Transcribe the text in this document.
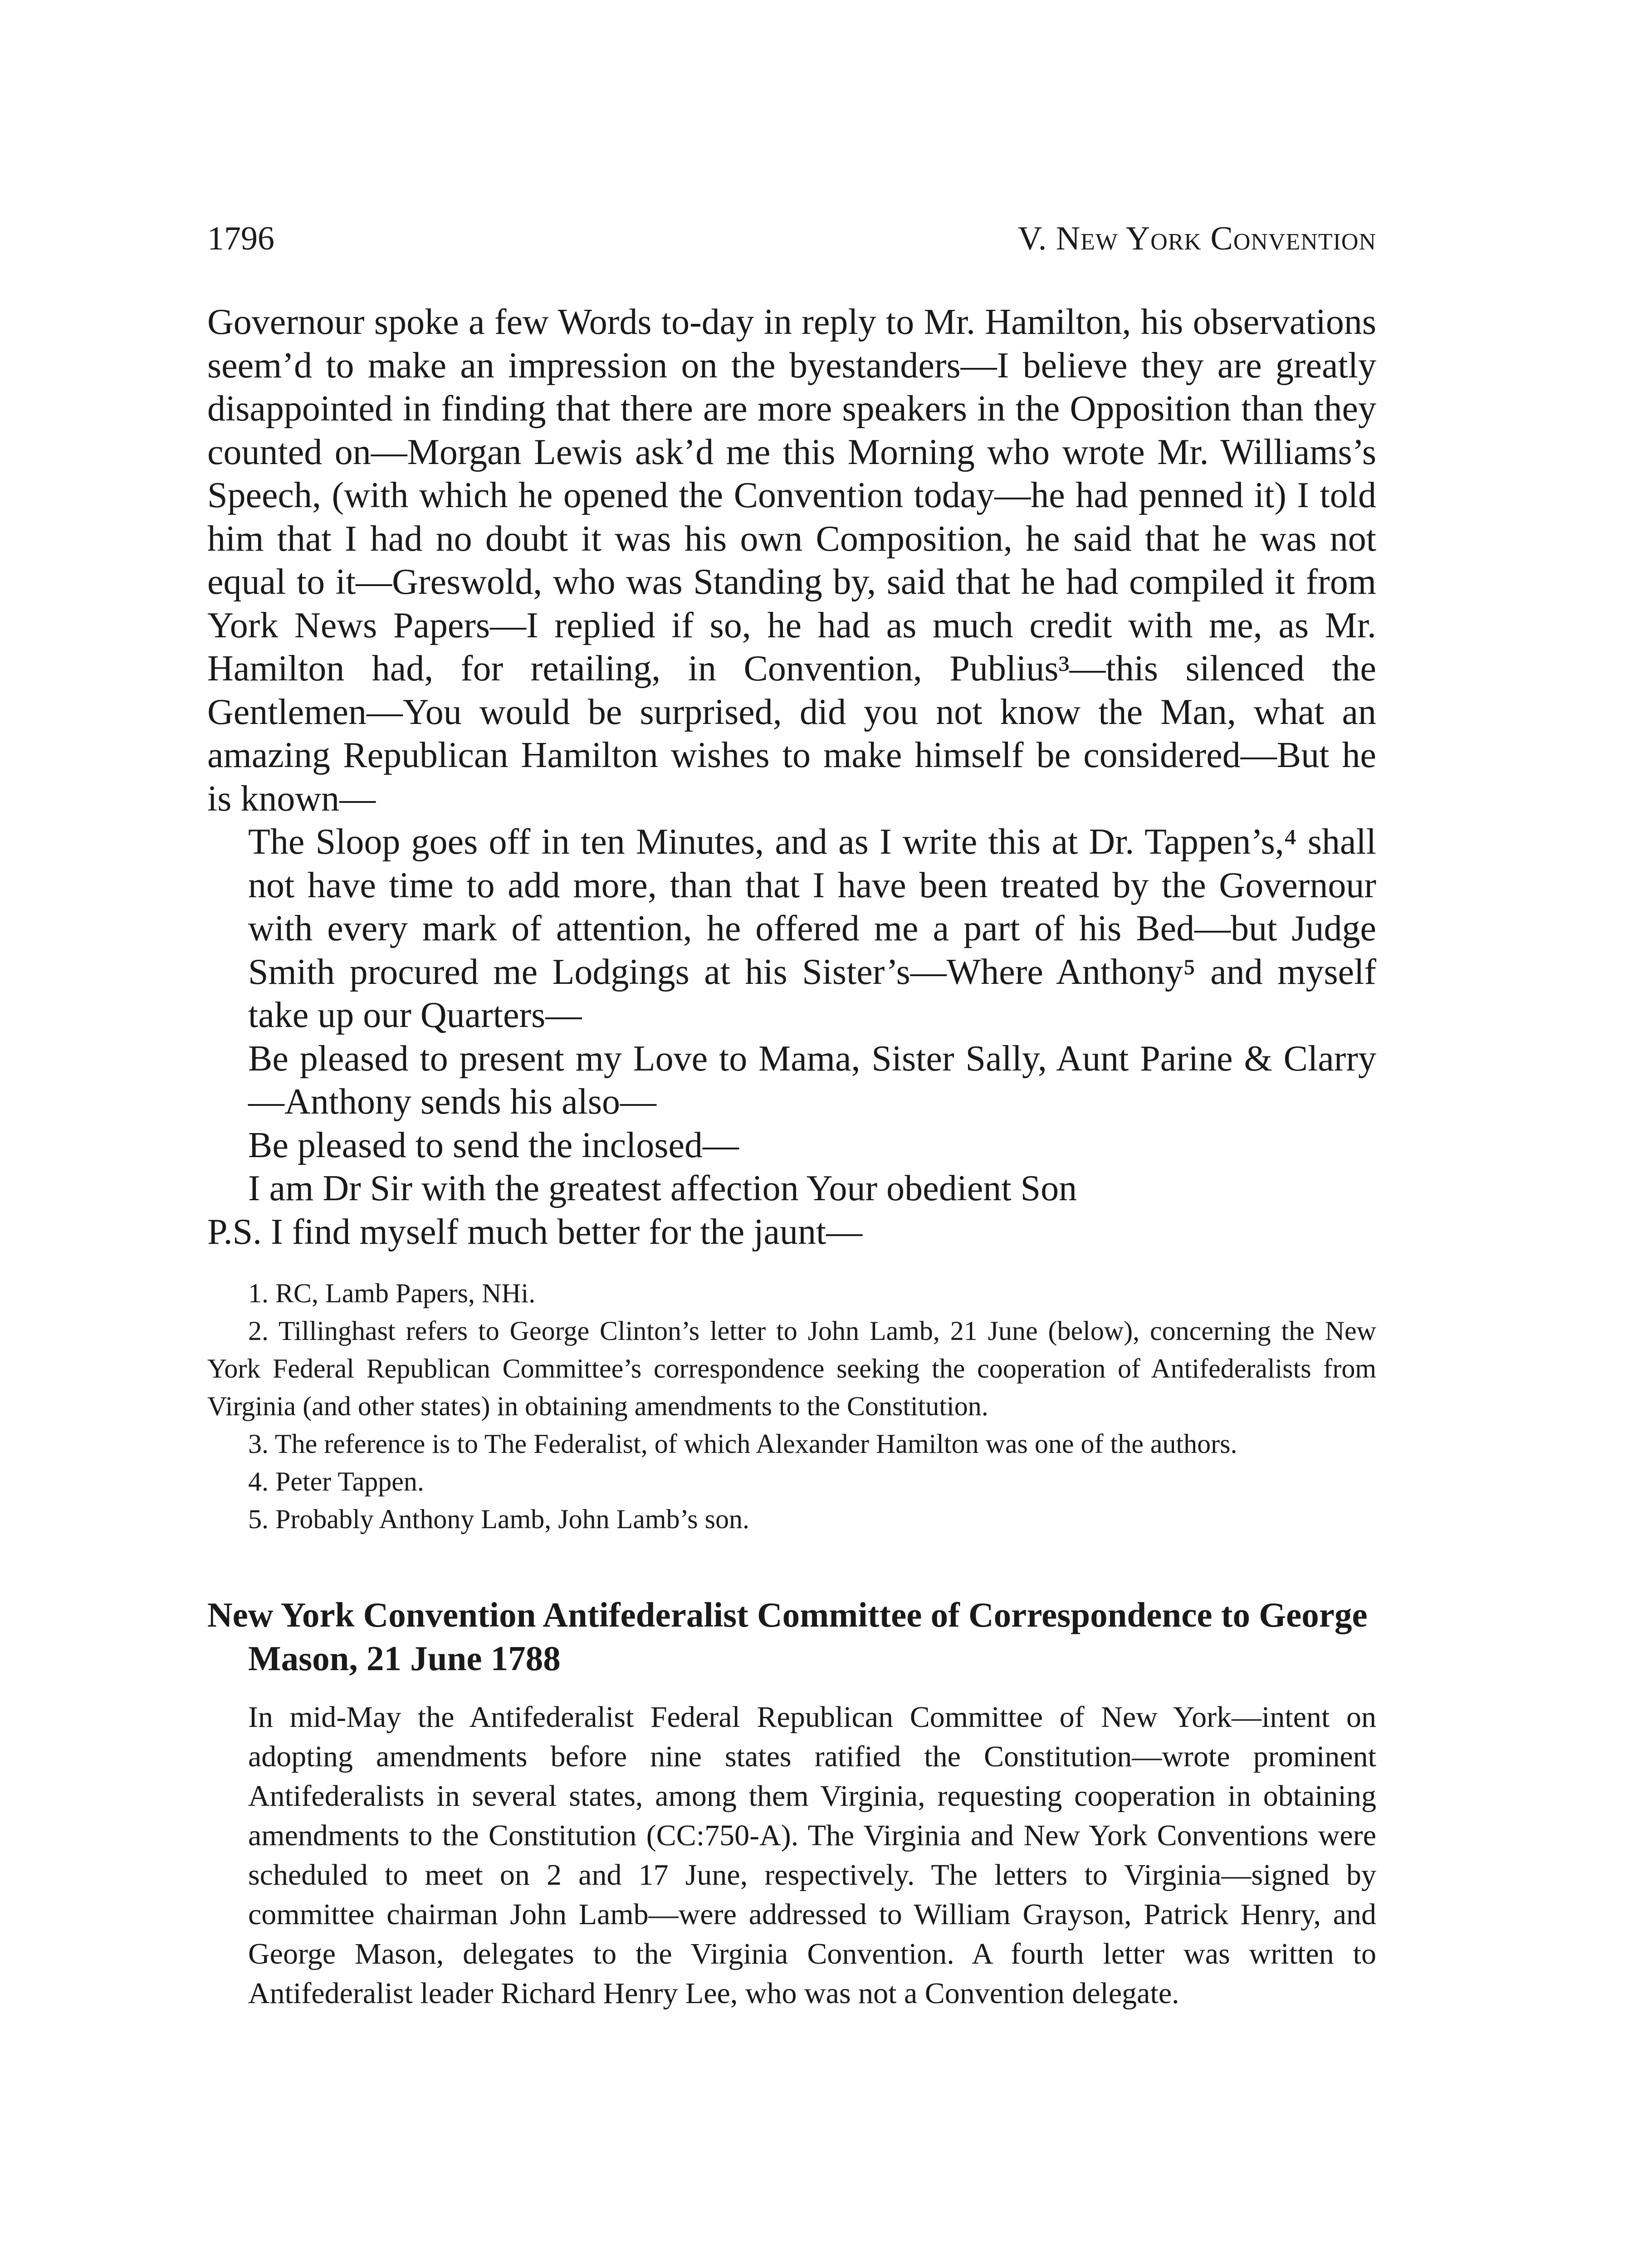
1796	V. New York Convention

Governour spoke a few Words to-day in reply to Mr. Hamilton, his observations seem’d to make an impression on the byestanders—I believe they are greatly disappointed in finding that there are more speakers in the Opposition than they counted on—Morgan Lewis ask’d me this Morning who wrote Mr. Williams’s Speech, (with which he opened the Convention today—he had penned it) I told him that I had no doubt it was his own Composition, he said that he was not equal to it—Greswold, who was Standing by, said that he had compiled it from York News Papers—I replied if so, he had as much credit with me, as Mr. Hamilton had, for retailing, in Convention, Publius³—this silenced the Gentlemen—You would be surprised, did you not know the Man, what an amazing Republican Hamilton wishes to make himself be considered—But he is known—

The Sloop goes off in ten Minutes, and as I write this at Dr. Tappen’s,⁴ shall not have time to add more, than that I have been treated by the Governour with every mark of attention, he offered me a part of his Bed—but Judge Smith procured me Lodgings at his Sister’s—Where Anthony⁵ and myself take up our Quarters—

Be pleased to present my Love to Mama, Sister Sally, Aunt Parine & Clarry—Anthony sends his also—

Be pleased to send the inclosed—

I am Dr Sir with the greatest affection Your obedient Son

P.S. I find myself much better for the jaunt—

1. RC, Lamb Papers, NHi.

2. Tillinghast refers to George Clinton’s letter to John Lamb, 21 June (below), concerning the New York Federal Republican Committee’s correspondence seeking the cooperation of Antifederalists from Virginia (and other states) in obtaining amendments to the Constitution.

3. The reference is to The Federalist, of which Alexander Hamilton was one of the authors.

4. Peter Tappen.

5. Probably Anthony Lamb, John Lamb’s son.

New York Convention Antifederalist Committee of Correspondence to George Mason, 21 June 1788
In mid-May the Antifederalist Federal Republican Committee of New York—intent on adopting amendments before nine states ratified the Constitution—wrote prominent Antifederalists in several states, among them Virginia, requesting cooperation in obtaining amendments to the Constitution (CC:750-A). The Virginia and New York Conventions were scheduled to meet on 2 and 17 June, respectively. The letters to Virginia—signed by committee chairman John Lamb—were addressed to William Grayson, Patrick Henry, and George Mason, delegates to the Virginia Convention. A fourth letter was written to Antifederalist leader Richard Henry Lee, who was not a Convention delegate.
